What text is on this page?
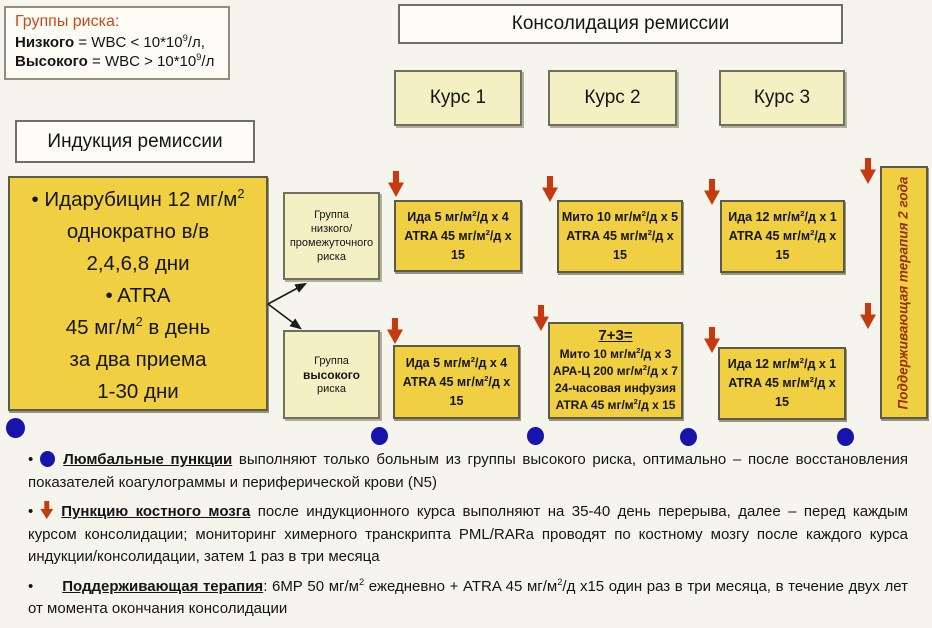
Группы риска:
Низкого = WBC < $10*10^9/л$,
Высокого = WBC > $10*10^9/л$
Консолидация ремиссии
Курс 1	Курс 2	Курс 3
Индукция ремиссии
• Идарубицин 12 $мг/м^2$
однократно в/в
2,4,6,8 дни
• ATRA
45 $мг/м^2$ в день
за два приема
1-30 дни
Группа
низкого/
промежуточного
риска
Группа
высокого
риска
Ида 5 $мг/м^2/д$ х 4
ATRA 45 $мг/м^2/д$ х 15
Мито 10 $мг/м^2/д$ х 5
ATRA 45 $мг/м^2/д$ х 15
Ида 12 $мг/м^2/д$ х 1
ATRA 45 $мг/м^2/д$ х 15
Ида 5 $мг/м^2/д$ х 4
ATRA 45 $мг/м^2/д$ х 15
7+3=
Мито 10 $мг/м^2/д$ х 3
АРА-Ц 200 $мг/м^2/д$ х 7
24-часовая инфузия
ATRA 45 $мг/м^2/д$ х 15
Ида 12 $мг/м^2/д$ х 1
ATRA 45 $мг/м^2/д$ х 15	Поддерживающая терапия 2 года

• Люмбальные пункции выполняют только больным из группы высокого риска, оптимально – после восстановления показателей коагулограммы и периферической крови (N5)

• Пункцию костного мозга после индукционного курса выполняют на 35-40 день перерыва, далее – перед каждым курсом консолидации; мониторинг химерного транскрипта PML/RARa проводят по костному мозгу после каждого курса индукции/консолидации, затем 1 раз в три месяца

• Поддерживающая терапия: 6МР 50 $мг/м^2$ ежедневно + ATRA 45 $мг/м^2/д$ х15 один раз в три месяца, в течение двух лет от момента окончания консолидации
